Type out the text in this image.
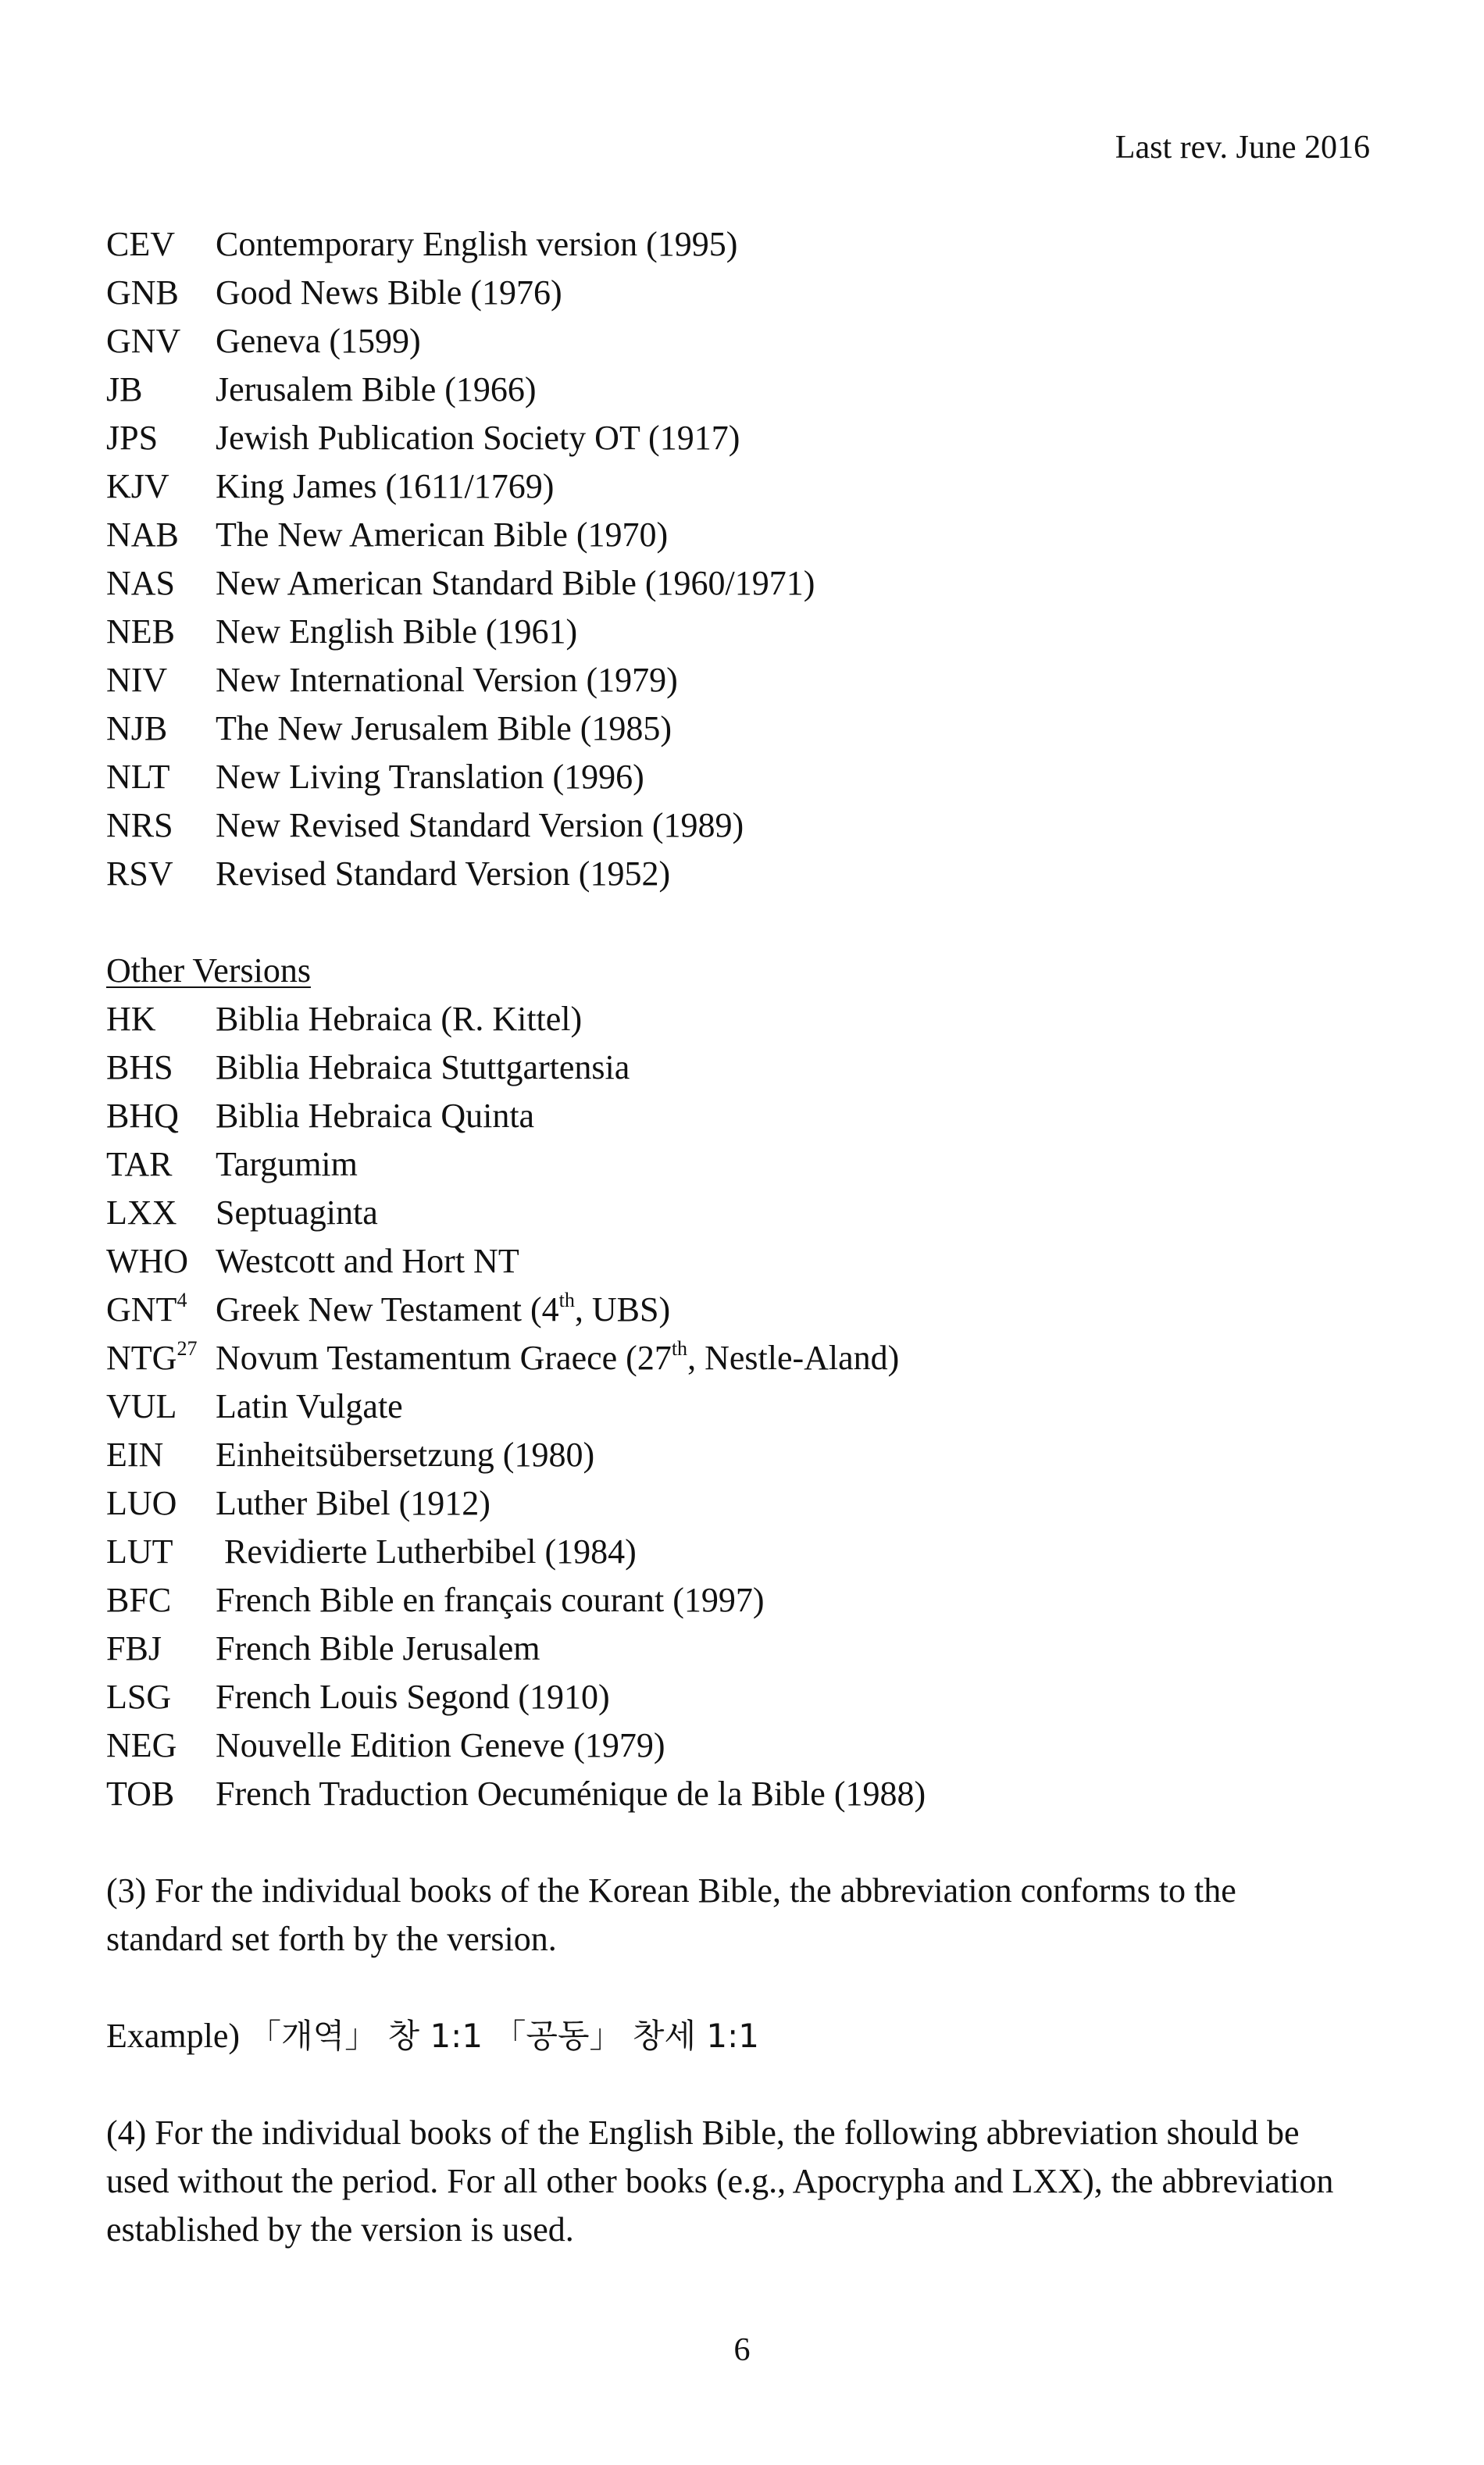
Last rev. June 2016
CEV	Contemporary English version (1995)
GNB	Good News Bible (1976)
GNV	Geneva (1599)
JB	Jerusalem Bible (1966)
JPS	Jewish Publication Society OT (1917)
KJV	King James (1611/1769)
NAB	The New American Bible (1970)
NAS	New American Standard Bible (1960/1971)
NEB	New English Bible (1961)
NIV	New International Version (1979)
NJB	The New Jerusalem Bible (1985)
NLT	New Living Translation (1996)
NRS	New Revised Standard Version (1989)
RSV	Revised Standard Version (1952)
Other Versions
HK	Biblia Hebraica (R. Kittel)
BHS	Biblia Hebraica Stuttgartensia
BHQ	Biblia Hebraica Quinta
TAR	Targumim
LXX	Septuaginta
WHO Westcott and Hort NT
GNT$^4$ Greek New Testament (4th, UBS)
NTG$^{27}$ Novum Testamentum Graece (27th, Nestle-Aland)
VUL	Latin Vulgate
EIN	Einheitsübersetzung (1980)
LUO	Luther Bibel (1912)
LUT	Revidierte Lutherbibel (1984)
BFC	French Bible en français courant (1997)
FBJ	French Bible Jerusalem
LSG	French Louis Segond (1910)
NEG	Nouvelle Edition Geneve (1979)
TOB	French Traduction Oecuménique de la Bible (1988)

(3) For the individual books of the Korean Bible, the abbreviation conforms to the standard set forth by the version.

Example) 「개역」 창 1:1 「공동」 창세 1:1

(4) For the individual books of the English Bible, the following abbreviation should be used without the period. For all other books (e.g., Apocrypha and LXX), the abbreviation established by the version is used.

6
